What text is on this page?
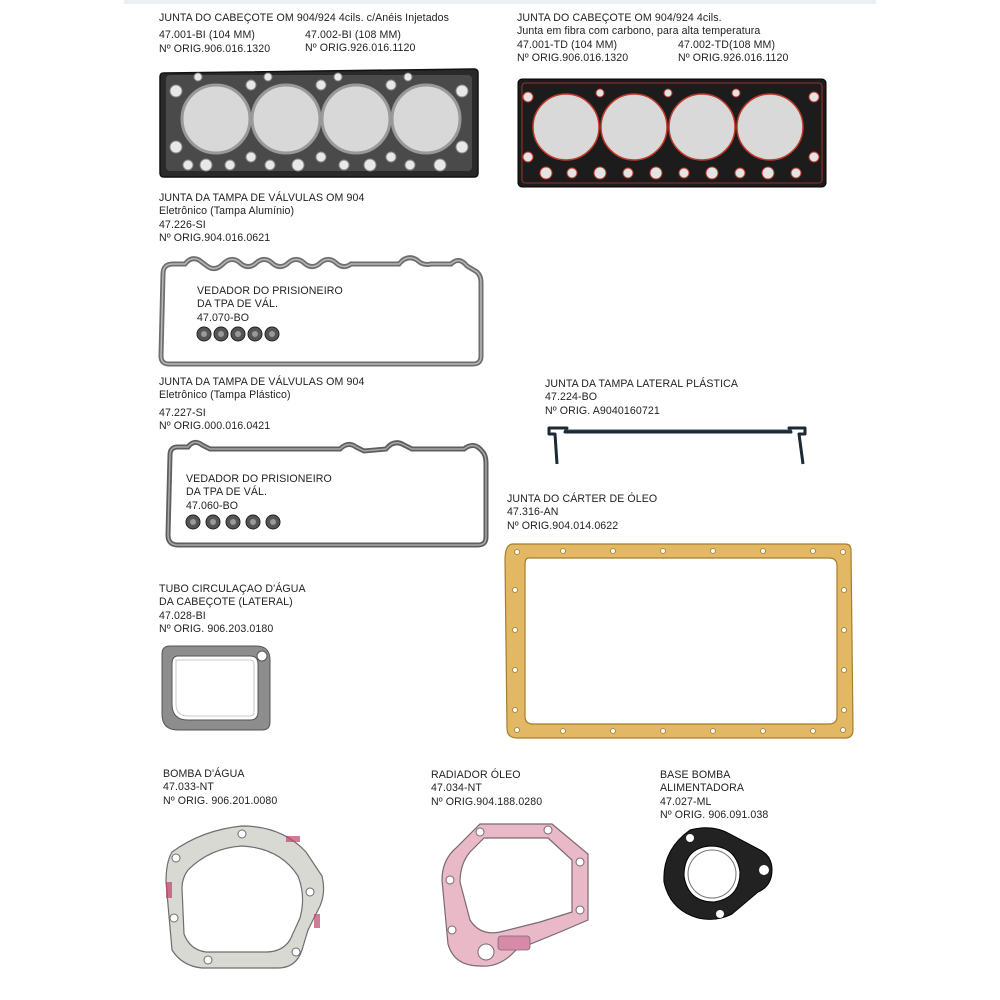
JUNTA DO CABEÇOTE OM 904/924 4cils. c/Anéis Injetados
47.001-BI (104 MM)
Nº ORIG.906.016.1320
47.002-BI (108 MM)
Nº ORIG.926.016.1120
JUNTA DO CABEÇOTE OM 904/924 4cils.
Junta em fibra com carbono, para alta temperatura
47.001-TD (104 MM)
Nº ORIG.906.016.1320
47.002-TD(108 MM)
Nº ORIG.926.016.1120
JUNTA DA TAMPA DE VÁLVULAS OM 904
Eletrônico (Tampa Alumínio)
47.226-SI
Nº ORIG.904.016.0621
VEDADOR DO PRISIONEIRO
DA TPA DE VÁL.
47.070-BO
JUNTA DA TAMPA DE VÁLVULAS OM 904
Eletrônico (Tampa Plástico)
47.227-SI
Nº ORIG.000.016.0421
VEDADOR DO PRISIONEIRO
DA TPA DE VÁL.
47.060-BO
JUNTA DA TAMPA LATERAL PLÁSTICA
47.224-BO
Nº ORIG. A9040160721
JUNTA DO CÁRTER DE ÓLEO
47.316-AN
Nº ORIG.904.014.0622
TUBO CIRCULAÇAO D'ÁGUA
DA CABEÇOTE (LATERAL)
47.028-BI
Nº ORIG. 906.203.0180
BOMBA D'ÁGUA
47.033-NT
Nº ORIG. 906.201.0080
RADIADOR ÓLEO
47.034-NT
Nº ORIG.904.188.0280
BASE BOMBA
ALIMENTADORA
47.027-ML
Nº ORIG. 906.091.038
